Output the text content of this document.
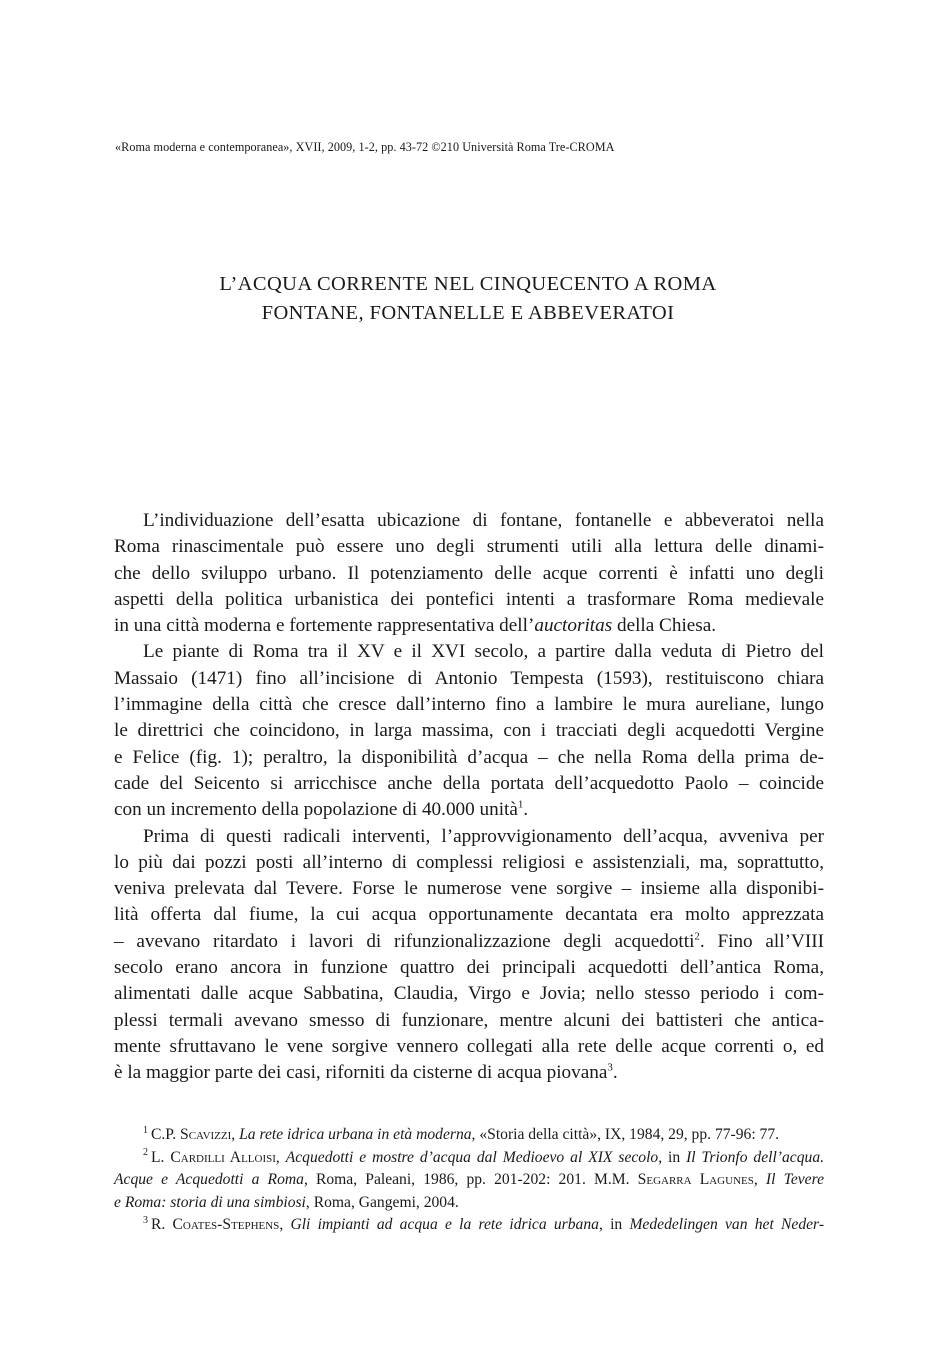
«Roma moderna e contemporanea», XVII, 2009, 1-2, pp. 43-72 ©210 Università Roma Tre-CROMA
L’ACQUA CORRENTE NEL CINQUECENTO A ROMA
FONTANE, FONTANELLE E ABBEVERATOI
L’individuazione dell’esatta ubicazione di fontane, fontanelle e abbeveratoi nella
Roma rinascimentale può essere uno degli strumenti utili alla lettura delle dinami-
che dello sviluppo urbano. Il potenziamento delle acque correnti è infatti uno degli
aspetti della politica urbanistica dei pontefici intenti a trasformare Roma medievale
in una città moderna e fortemente rappresentativa dell’auctoritas della Chiesa.
Le piante di Roma tra il XV e il XVI secolo, a partire dalla veduta di Pietro del
Massaio (1471) fino all’incisione di Antonio Tempesta (1593), restituiscono chiara
l’immagine della città che cresce dall’interno fino a lambire le mura aureliane, lungo
le direttrici che coincidono, in larga massima, con i tracciati degli acquedotti Vergine
e Felice (fig. 1); peraltro, la disponibilità d’acqua – che nella Roma della prima de-
cade del Seicento si arricchisce anche della portata dell’acquedotto Paolo – coincide
con un incremento della popolazione di 40.000 unità$^1$.
Prima di questi radicali interventi, l’approvvigionamento dell’acqua, avveniva per
lo più dai pozzi posti all’interno di complessi religiosi e assistenziali, ma, soprattutto,
veniva prelevata dal Tevere. Forse le numerose vene sorgive – insieme alla disponibi-
lità offerta dal fiume, la cui acqua opportunamente decantata era molto apprezzata
– avevano ritardato i lavori di rifunzionalizzazione degli acquedotti$^2$. Fino all’VIII
secolo erano ancora in funzione quattro dei principali acquedotti dell’antica Roma,
alimentati dalle acque Sabbatina, Claudia, Virgo e Jovia; nello stesso periodo i com-
plessi termali avevano smesso di funzionare, mentre alcuni dei battisteri che antica-
mente sfruttavano le vene sorgive vennero collegati alla rete delle acque correnti o, ed
è la maggior parte dei casi, riforniti da cisterne di acqua piovana$^3$.
$^1$ C.P. Scavizzi, La rete idrica urbana in età moderna, «Storia della città», IX, 1984, 29, pp. 77-96: 77.
$^2$ L. Cardilli Alloisi, Acquedotti e mostre d’acqua dal Medioevo al XIX secolo, in Il Trionfo dell’acqua.
Acque e Acquedotti a Roma, Roma, Paleani, 1986, pp. 201-202: 201. M.M. Segarra Lagunes, Il Tevere
e Roma: storia di una simbiosi, Roma, Gangemi, 2004.
$^3$ R. Coates-Stephens, Gli impianti ad acqua e la rete idrica urbana, in Mededelingen van het Neder-
